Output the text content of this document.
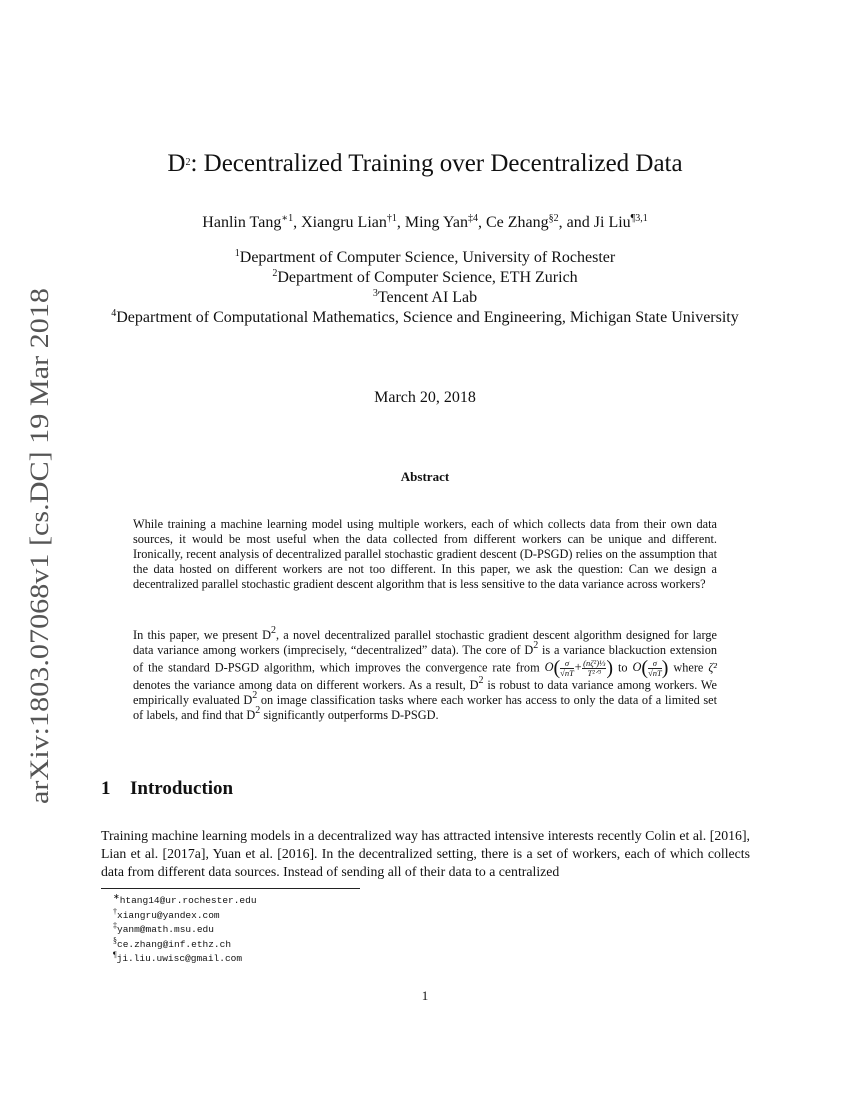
arXiv:1803.07068v1 [cs.DC] 19 Mar 2018
$D^2$: Decentralized Training over Decentralized Data
Hanlin Tang$^{∗1}$, Xiangru Lian$^{\dagger 1}$, Ming Yan$^{\ddagger 4}$, Ce Zhang$^{\S 2}$, and Ji Liu$^{\P 3,1}$
$^1$Department of Computer Science, University of Rochester
$^2$Department of Computer Science, ETH Zurich
$^3$Tencent AI Lab
$^4$Department of Computational Mathematics, Science and Engineering, Michigan State University
March 20, 2018
Abstract

While training a machine learning model using multiple workers, each of which collects data from their own data sources, it would be most useful when the data collected from different workers can be unique and different. Ironically, recent analysis of decentralized parallel stochastic gradient descent (D-PSGD) relies on the assumption that the data hosted on different workers are not too different. In this paper, we ask the question: Can we design a decentralized parallel stochastic gradient descent algorithm that is less sensitive to the data variance across workers?

In this paper, we present $D^2$, a novel decentralized parallel stochastic gradient descent algorithm designed for large data variance among workers (imprecisely, “decentralized” data). The core of $D^2$ is a variance blackuction extension of the standard D-PSGD algorithm, which improves the convergence rate from $O( \frac{\sigma}{√nT} + \frac{\text{(nζ²)⅓}}{\text{T²ᐟ³}}$ ) to $O( \frac{\sigma}{√nT}$ ) where ζ² denotes the variance among data on different workers. As a result, $D^2$ is robust to data variance among workers. We empirically evaluated $D^2$ on image classification tasks where each worker has access to only the data of a limited set of labels, and find that $D^2$ significantly outperforms D-PSGD.

1 Introduction

Training machine learning models in a decentralized way has attracted intensive interests recently Colin et al. [2016], Lian et al. [2017a], Yuan et al. [2016]. In the decentralized setting, there is a set of workers, each of which collects data from different data sources. Instead of sending all of their data to a centralized

∗htang14@ur.rochester.edu
†xiangru@yandex.com
‡yanm@math.msu.edu
§ce.zhang@inf.ethz.ch
¶ji.liu.uwisc@gmail.com
1
